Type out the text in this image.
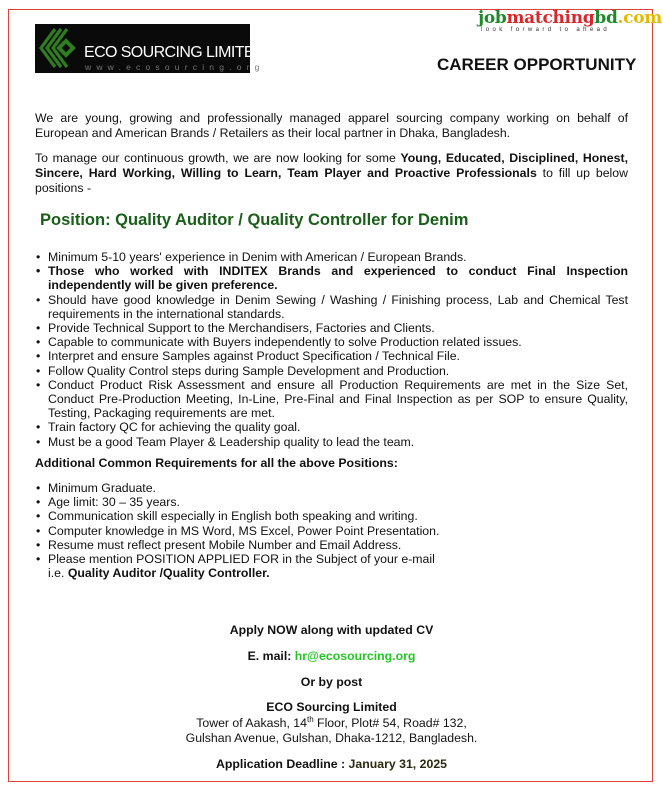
ECO SOURCING LIMITED
www.ecosourcing.org
jobmatchingbd.com
look forward to ahead
CAREER OPPORTUNITY
We are young, growing and professionally managed apparel sourcing company working on behalf of European and American Brands / Retailers as their local partner in Dhaka, Bangladesh.
To manage our continuous growth, we are now looking for some Young, Educated, Disciplined, Honest, Sincere, Hard Working, Willing to Learn, Team Player and Proactive Professionals to fill up below positions -
Position: Quality Auditor / Quality Controller for Denim
• Minimum 5-10 years' experience in Denim with American / European Brands.
• Those who worked with INDITEX Brands and experienced to conduct Final Inspection independently will be given preference.
• Should have good knowledge in Denim Sewing / Washing / Finishing process, Lab and Chemical Test requirements in the international standards.
• Provide Technical Support to the Merchandisers, Factories and Clients.
• Capable to communicate with Buyers independently to solve Production related issues.
• Interpret and ensure Samples against Product Specification / Technical File.
• Follow Quality Control steps during Sample Development and Production.
• Conduct Product Risk Assessment and ensure all Production Requirements are met in the Size Set, Conduct Pre-Production Meeting, In-Line, Pre-Final and Final Inspection as per SOP to ensure Quality, Testing, Packaging requirements are met.
• Train factory QC for achieving the quality goal.
• Must be a good Team Player & Leadership quality to lead the team.
Additional Common Requirements for all the above Positions:
• Minimum Graduate.
• Age limit: 30 – 35 years.
• Communication skill especially in English both speaking and writing.
• Computer knowledge in MS Word, MS Excel, Power Point Presentation.
• Resume must reflect present Mobile Number and Email Address.
• Please mention POSITION APPLIED FOR in the Subject of your e-mail
i.e. Quality Auditor /Quality Controller.
Apply NOW along with updated CV
E. mail: hr@ecosourcing.org
Or by post
ECO Sourcing Limited
Tower of Aakash, 14th Floor, Plot# 54, Road# 132,
Gulshan Avenue, Gulshan, Dhaka-1212, Bangladesh.
Application Deadline : January 31, 2025
